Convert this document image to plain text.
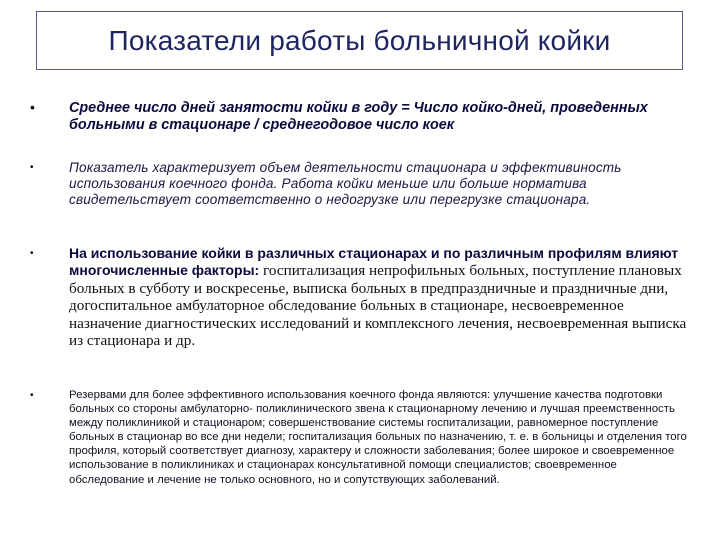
Показатели работы больничной койки
• Среднее число дней занятости койки в году = Число койко-дней, проведенных больными в стационаре / среднегодовое число коек
•	Показатель характеризует объем деятельности стационара и эффективиность использования коечного фонда. Работа койки меньше или больше норматива свидетельствует соответственно о недогрузке или перегрузке стационара.
•	На использование койки в различных стационарах и по различным профилям влияют многочисленные факторы: госпитализация непрофильных больных, поступление плановых больных в субботу и воскресенье, выписка больных в предпраздничные и праздничные дни, догоспитальное амбулаторное обследование больных в стационаре, несвоевременное назначение диагностических исследований и комплексного лечения, несвоевременная выписка из стационара и др.
•	Резервами для более эффективного использования коечного фонда являются: улучшение качества подготовки больных со стороны амбулаторно- поликлинического звена к стационарному лечению и лучшая преемственность между поликлиникой и стационаром; совершенствование системы госпитализации, равномерное поступление больных в стационар во все дни недели; госпитализация больных по назначению, т. е. в больницы и отделения того профиля, который соответствует диагнозу, характеру и сложности заболевания; более широкое и своевременное использование в поликлиниках и стационарах консультативной помощи специалистов; своевременное обследование и лечение не только основного, но и сопутствующих заболеваний.
